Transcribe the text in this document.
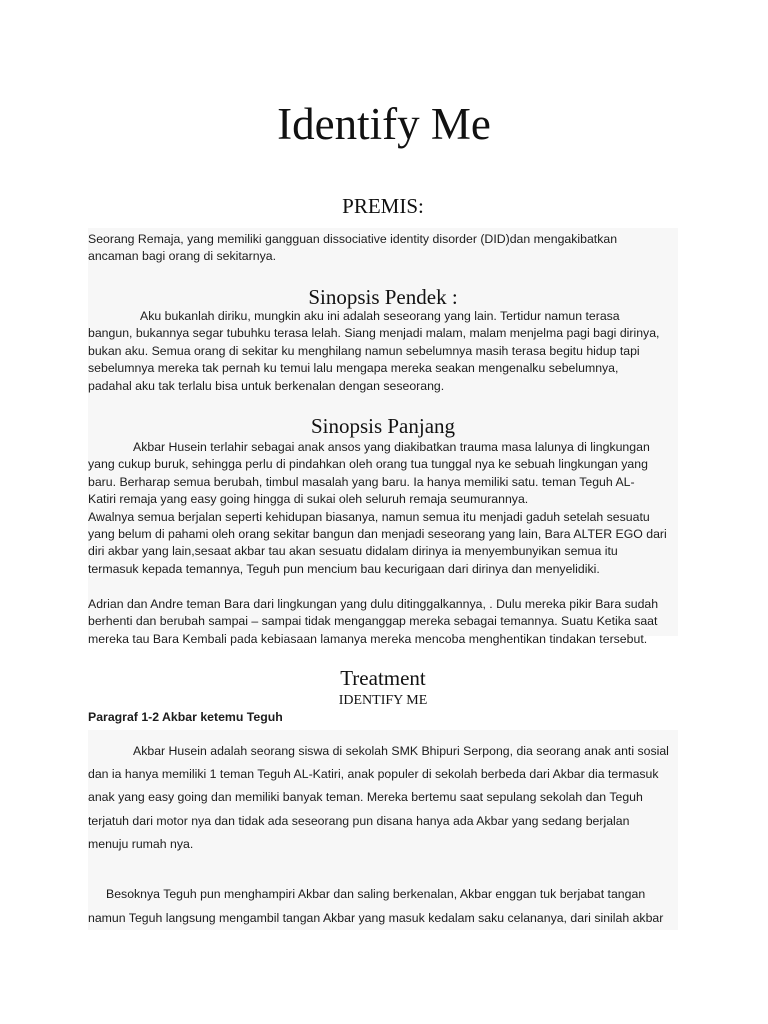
Identify Me
PREMIS:

Seorang Remaja, yang memiliki gangguan dissociative identity disorder (DID)dan mengakibatkan
ancaman bagi orang di sekitarnya.

Sinopsis Pendek :

Aku bukanlah diriku, mungkin aku ini adalah seseorang yang lain. Tertidur namun terasa
bangun, bukannya segar tubuhku terasa lelah. Siang menjadi malam, malam menjelma pagi bagi dirinya,
bukan aku. Semua orang di sekitar ku menghilang namun sebelumnya masih terasa begitu hidup tapi
sebelumnya mereka tak pernah ku temui lalu mengapa mereka seakan mengenalku sebelumnya,
padahal aku tak terlalu bisa untuk berkenalan dengan seseorang.

Sinopsis Panjang

Akbar Husein terlahir sebagai anak ansos yang diakibatkan trauma masa lalunya di lingkungan
yang cukup buruk, sehingga perlu di pindahkan oleh orang tua tunggal nya ke sebuah lingkungan yang
baru. Berharap semua berubah, timbul masalah yang baru. Ia hanya memiliki satu. teman Teguh AL-
Katiri remaja yang easy going hingga di sukai oleh seluruh remaja seumurannya.
Awalnya semua berjalan seperti kehidupan biasanya, namun semua itu menjadi gaduh setelah sesuatu
yang belum di pahami oleh orang sekitar bangun dan menjadi seseorang yang lain, Bara ALTER EGO dari
diri akbar yang lain,sesaat akbar tau akan sesuatu didalam dirinya ia menyembunyikan semua itu
termasuk kepada temannya, Teguh pun mencium bau kecurigaan dari dirinya dan menyelidiki.

Adrian dan Andre teman Bara dari lingkungan yang dulu ditinggalkannya, . Dulu mereka pikir Bara sudah
berhenti dan berubah sampai – sampai tidak menganggap mereka sebagai temannya. Suatu Ketika saat
mereka tau Bara Kembali pada kebiasaan lamanya mereka mencoba menghentikan tindakan tersebut.

Treatment
IDENTIFY ME

Paragraf 1-2 Akbar ketemu Teguh

Akbar Husein adalah seorang siswa di sekolah SMK Bhipuri Serpong, dia seorang anak anti sosial
dan ia hanya memiliki 1 teman Teguh AL-Katiri, anak populer di sekolah berbeda dari Akbar dia termasuk
anak yang easy going dan memiliki banyak teman. Mereka bertemu saat sepulang sekolah dan Teguh
terjatuh dari motor nya dan tidak ada seseorang pun disana hanya ada Akbar yang sedang berjalan
menuju rumah nya.

Besoknya Teguh pun menghampiri Akbar dan saling berkenalan, Akbar enggan tuk berjabat tangan
namun Teguh langsung mengambil tangan Akbar yang masuk kedalam saku celananya, dari sinilah akbar
